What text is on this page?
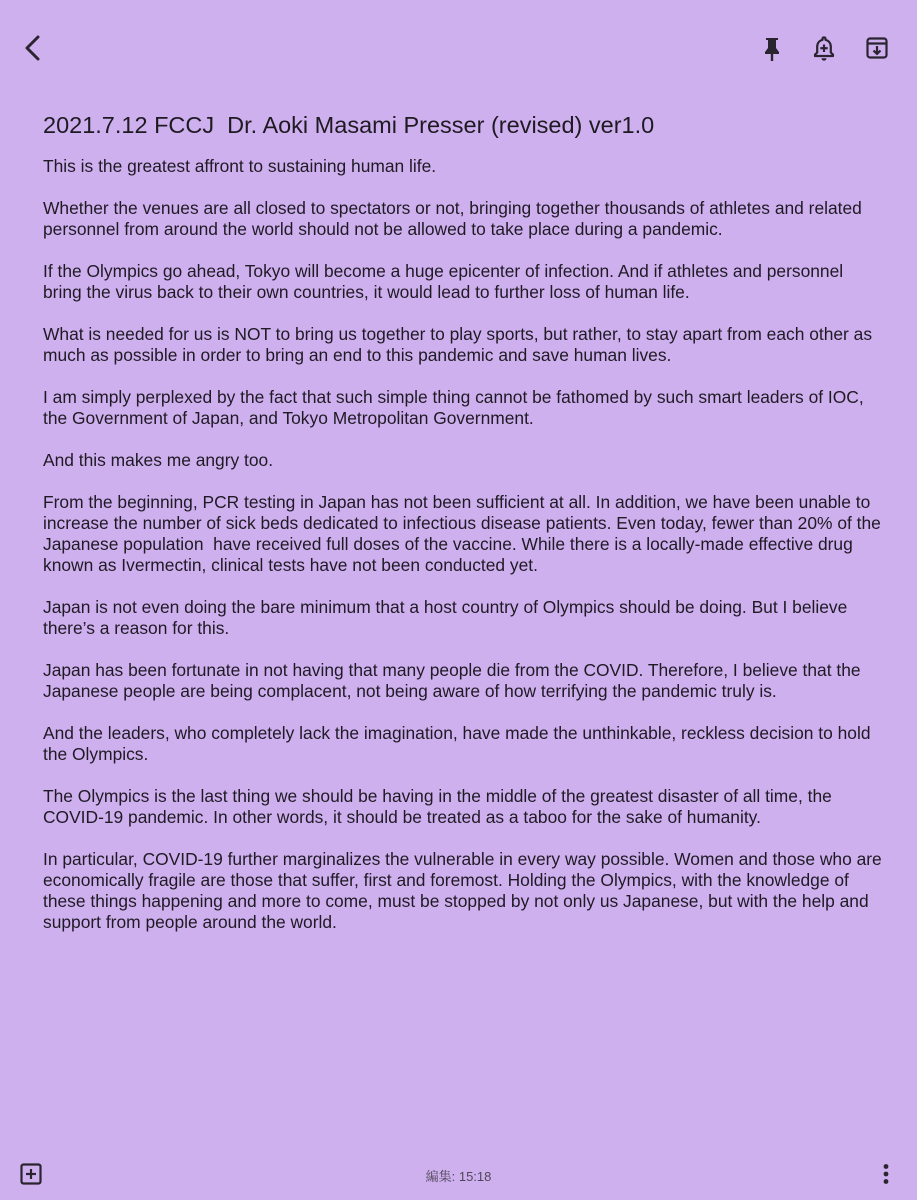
2021.7.12 FCCJ  Dr. Aoki Masami Presser (revised) ver1.0

This is the greatest affront to sustaining human life.

Whether the venues are all closed to spectators or not, bringing together thousands of athletes and related personnel from around the world should not be allowed to take place during a pandemic.

If the Olympics go ahead, Tokyo will become a huge epicenter of infection. And if athletes and personnel bring the virus back to their own countries, it would lead to further loss of human life.

What is needed for us is NOT to bring us together to play sports, but rather, to stay apart from each other as much as possible in order to bring an end to this pandemic and save human lives.

I am simply perplexed by the fact that such simple thing cannot be fathomed by such smart leaders of IOC, the Government of Japan, and Tokyo Metropolitan Government.

And this makes me angry too.

From the beginning, PCR testing in Japan has not been sufficient at all. In addition, we have been unable to increase the number of sick beds dedicated to infectious disease patients. Even today, fewer than 20% of the Japanese population  have received full doses of the vaccine. While there is a locally-made effective drug known as Ivermectin, clinical tests have not been conducted yet.

Japan is not even doing the bare minimum that a host country of Olympics should be doing. But I believe there’s a reason for this.

Japan has been fortunate in not having that many people die from the COVID. Therefore, I believe that the Japanese people are being complacent, not being aware of how terrifying the pandemic truly is.

And the leaders, who completely lack the imagination, have made the unthinkable, reckless decision to hold the Olympics.

The Olympics is the last thing we should be having in the middle of the greatest disaster of all time, the COVID-19 pandemic. In other words, it should be treated as a taboo for the sake of humanity.

In particular, COVID-19 further marginalizes the vulnerable in every way possible. Women and those who are economically fragile are those that suffer, first and foremost. Holding the Olympics, with the knowledge of these things happening and more to come, must be stopped by not only us Japanese, but with the help and support from people around the world.

編集: 15:18
